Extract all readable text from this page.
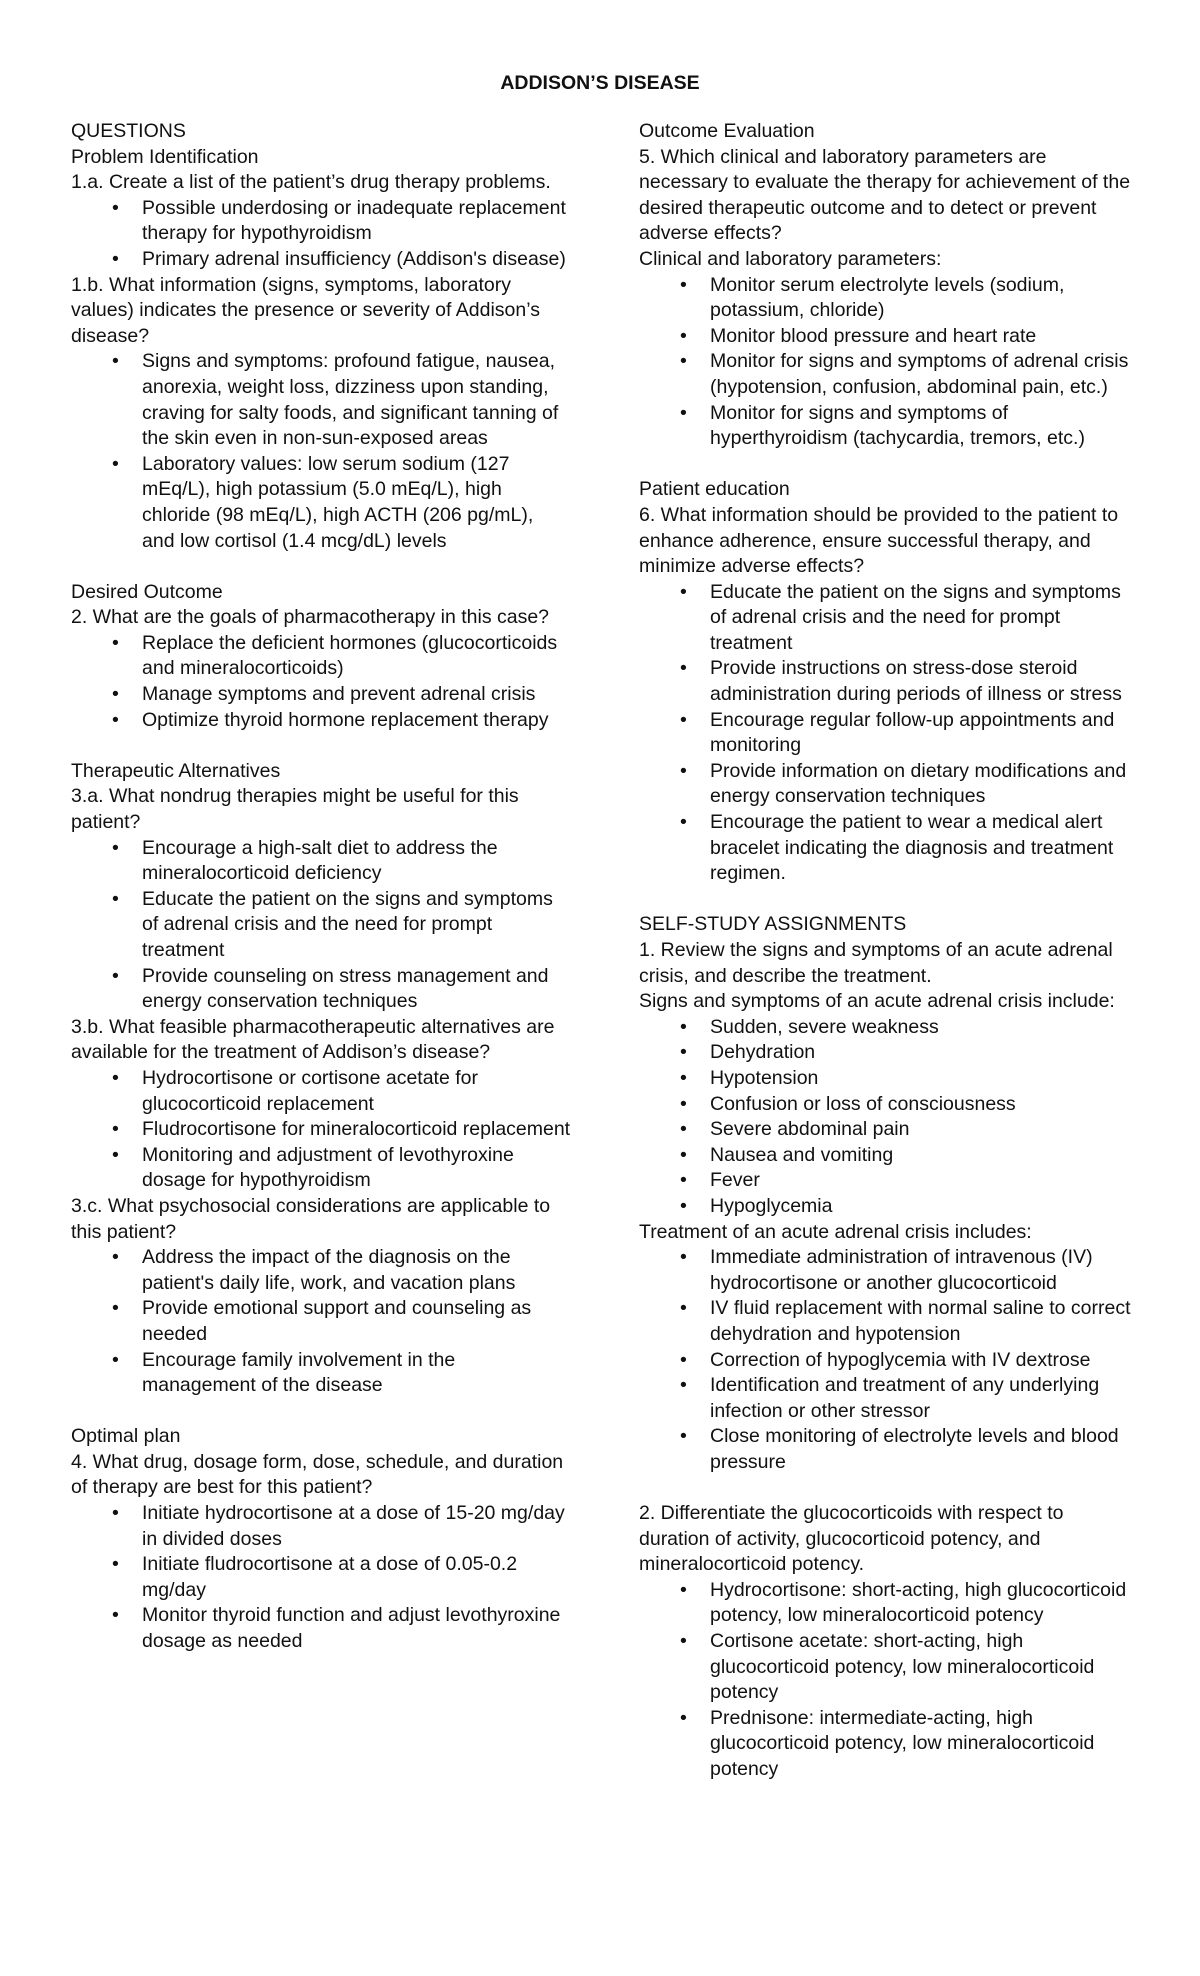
ADDISON’S DISEASE

QUESTIONS

Problem Identification

1.a. Create a list of the patient’s drug therapy problems.

• Possible underdosing or inadequate replacement therapy for hypothyroidism
• Primary adrenal insufficiency (Addison's disease)

1.b. What information (signs, symptoms, laboratory values) indicates the presence or severity of Addison’s disease?

• Signs and symptoms: profound fatigue, nausea, anorexia, weight loss, dizziness upon standing, craving for salty foods, and significant tanning of the skin even in non-sun-exposed areas
• Laboratory values: low serum sodium (127 mEq/L), high potassium (5.0 mEq/L), high chloride (98 mEq/L), high ACTH (206 pg/mL), and low cortisol (1.4 mcg/dL) levels

Desired Outcome

2. What are the goals of pharmacotherapy in this case?

• Replace the deficient hormones (glucocorticoids and mineralocorticoids)
• Manage symptoms and prevent adrenal crisis
• Optimize thyroid hormone replacement therapy

Therapeutic Alternatives

3.a. What nondrug therapies might be useful for this patient?

• Encourage a high-salt diet to address the mineralocorticoid deficiency
• Educate the patient on the signs and symptoms of adrenal crisis and the need for prompt treatment
• Provide counseling on stress management and energy conservation techniques

3.b. What feasible pharmacotherapeutic alternatives are available for the treatment of Addison’s disease?

• Hydrocortisone or cortisone acetate for glucocorticoid replacement
• Fludrocortisone for mineralocorticoid replacement
• Monitoring and adjustment of levothyroxine dosage for hypothyroidism

3.c. What psychosocial considerations are applicable to this patient?

• Address the impact of the diagnosis on the patient's daily life, work, and vacation plans
• Provide emotional support and counseling as needed
• Encourage family involvement in the management of the disease

Optimal plan

4. What drug, dosage form, dose, schedule, and duration of therapy are best for this patient?

• Initiate hydrocortisone at a dose of 15-20 mg/day in divided doses
• Initiate fludrocortisone at a dose of 0.05-0.2 mg/day
• Monitor thyroid function and adjust levothyroxine dosage as needed

Outcome Evaluation

5. Which clinical and laboratory parameters are necessary to evaluate the therapy for achievement of the desired therapeutic outcome and to detect or prevent adverse effects?

Clinical and laboratory parameters:

• Monitor serum electrolyte levels (sodium, potassium, chloride)
• Monitor blood pressure and heart rate
• Monitor for signs and symptoms of adrenal crisis (hypotension, confusion, abdominal pain, etc.)
• Monitor for signs and symptoms of hyperthyroidism (tachycardia, tremors, etc.)

Patient education

6. What information should be provided to the patient to enhance adherence, ensure successful therapy, and minimize adverse effects?

• Educate the patient on the signs and symptoms of adrenal crisis and the need for prompt treatment
• Provide instructions on stress-dose steroid administration during periods of illness or stress
• Encourage regular follow-up appointments and monitoring
• Provide information on dietary modifications and energy conservation techniques
• Encourage the patient to wear a medical alert bracelet indicating the diagnosis and treatment regimen.

SELF-STUDY ASSIGNMENTS

1. Review the signs and symptoms of an acute adrenal crisis, and describe the treatment.

Signs and symptoms of an acute adrenal crisis include:

• Sudden, severe weakness
• Dehydration
• Hypotension
• Confusion or loss of consciousness
• Severe abdominal pain
• Nausea and vomiting
• Fever
• Hypoglycemia

Treatment of an acute adrenal crisis includes:

• Immediate administration of intravenous (IV) hydrocortisone or another glucocorticoid
• IV fluid replacement with normal saline to correct dehydration and hypotension
• Correction of hypoglycemia with IV dextrose
• Identification and treatment of any underlying infection or other stressor
• Close monitoring of electrolyte levels and blood pressure

2. Differentiate the glucocorticoids with respect to duration of activity, glucocorticoid potency, and mineralocorticoid potency.

• Hydrocortisone: short-acting, high glucocorticoid potency, low mineralocorticoid potency
• Cortisone acetate: short-acting, high glucocorticoid potency, low mineralocorticoid potency
• Prednisone: intermediate-acting, high glucocorticoid potency, low mineralocorticoid potency
